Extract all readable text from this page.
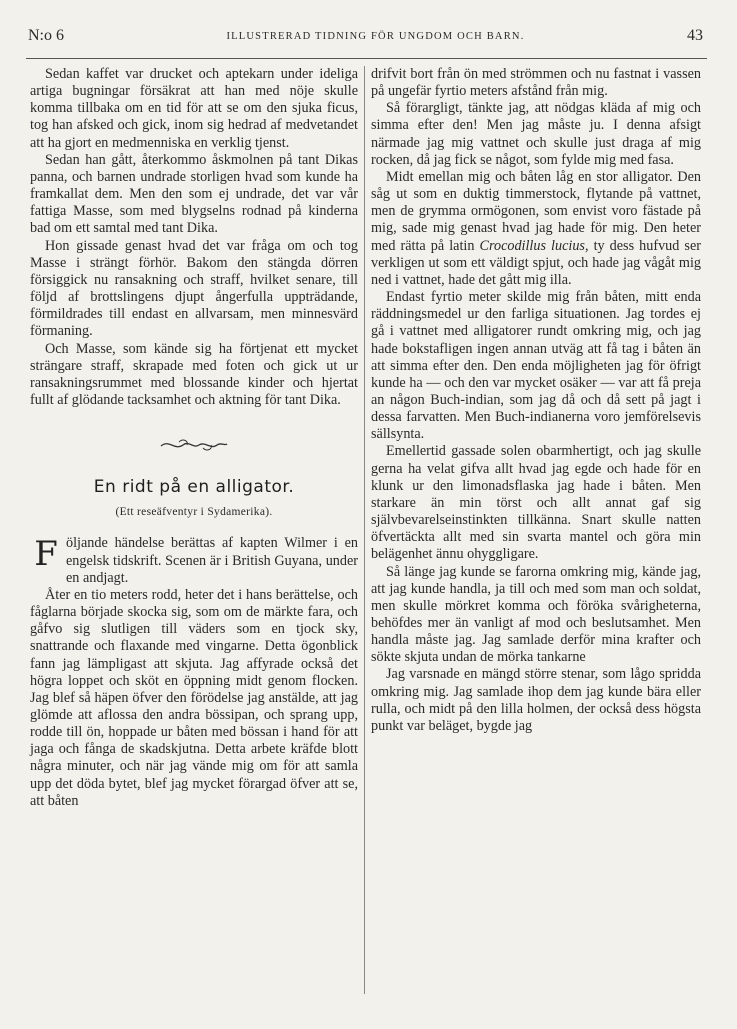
N:o 6	ILLUSTRERAD TIDNING FÖR UNGDOM OCH BARN.	43

Sedan kaffet var drucket och aptekarn under ideliga artiga bugningar försäkrat att han med nöje skulle komma tillbaka om en tid för att se om den sjuka ficus, tog han afsked och gick, inom sig hedrad af medvetandet att ha gjort en medmenniska en verklig tjenst.

Sedan han gått, återkommo åskmolnen på tant Dikas panna, och barnen undrade storligen hvad som kunde ha framkallat dem. Men den som ej undrade, det var vår fattiga Masse, som med blygselns rodnad på kinderna bad om ett samtal med tant Dika.

Hon gissade genast hvad det var fråga om och tog Masse i strängt förhör. Bakom den stängda dörren försiggick nu ransakning och straff, hvilket senare, till följd af brottslingens djupt ångerfulla uppträdande, förmildrades till endast en allvarsam, men minnesvärd förmaning.

Och Masse, som kände sig ha förtjenat ett mycket strängare straff, skrapade med foten och gick ut ur ransakningsrummet med blossande kinder och hjertat fullt af glödande tacksamhet och aktning för tant Dika.

En ridt på en alligator.
(Ett reseäfventyr i Sydamerika).
F öljande händelse berättas af kapten Wilmer i en engelsk tidskrift. Scenen är i British Guyana, under en andjagt.

Åter en tio meters rodd, heter det i hans berättelse, och fåglarna började skocka sig, som om de märkte fara, och gåfvo sig slutligen till väders som en tjock sky, snattrande och flaxande med vingarne. Detta ögonblick fann jag lämpligast att skjuta. Jag affyrade också det högra loppet och sköt en öppning midt genom flocken. Jag blef så häpen öfver den förödelse jag anstälde, att jag glömde att aflossa den andra bössipan, och sprang upp, rodde till ön, hoppade ur båten med bössan i hand för att jaga och fånga de skadskjutna. Detta arbete kräfde blott några minuter, och när jag vände mig om för att samla upp det döda bytet, blef jag mycket förargad öfver att se, att båten

drifvit bort från ön med strömmen och nu fastnat i vassen på ungefär fyrtio meters afstånd från mig.

Så förargligt, tänkte jag, att nödgas kläda af mig och simma efter den! Men jag måste ju. I denna afsigt närmade jag mig vattnet och skulle just draga af mig rocken, då jag fick se något, som fylde mig med fasa.

Midt emellan mig och båten låg en stor alligator. Den såg ut som en duktig timmerstock, flytande på vattnet, men de grymma ormögonen, som envist voro fästade på mig, sade mig genast hvad jag hade för mig. Den heter med rätta på latin Crocodillus lucius, ty dess hufvud ser verkligen ut som ett väldigt spjut, och hade jag vågåt mig ned i vattnet, hade det gått mig illa.

Endast fyrtio meter skilde mig från båten, mitt enda räddningsmedel ur den farliga situationen. Jag tordes ej gå i vattnet med alligatorer rundt omkring mig, och jag hade bokstafligen ingen annan utväg att få tag i båten än att simma efter den. Den enda möjligheten jag för öfrigt kunde ha — och den var mycket osäker — var att få preja an någon Buch-indian, som jag då och då sett på jagt i dessa farvatten. Men Buch-indianerna voro jemförelsevis sällsynta.

Emellertid gassade solen obarmhertigt, och jag skulle gerna ha velat gifva allt hvad jag egde och hade för en klunk ur den limonadsflaska jag hade i båten. Men starkare än min törst och allt annat gaf sig självbevarelseinstinkten tillkänna. Snart skulle natten öfvertäckta allt med sin svarta mantel och göra min belägenhet ännu ohyggligare.

Så länge jag kunde se farorna omkring mig, kände jag, att jag kunde handla, ja till och med som man och soldat, men skulle mörkret komma och föröka svårigheterna, behöfdes mer än vanligt af mod och beslutsamhet. Men handla måste jag. Jag samlade derför mina krafter och sökte skjuta undan de mörka tankarne

Jag varsnade en mängd större stenar, som lågo spridda omkring mig. Jag samlade ihop dem jag kunde bära eller rulla, och midt på den lilla holmen, der också dess högsta punkt var beläget, bygde jag
